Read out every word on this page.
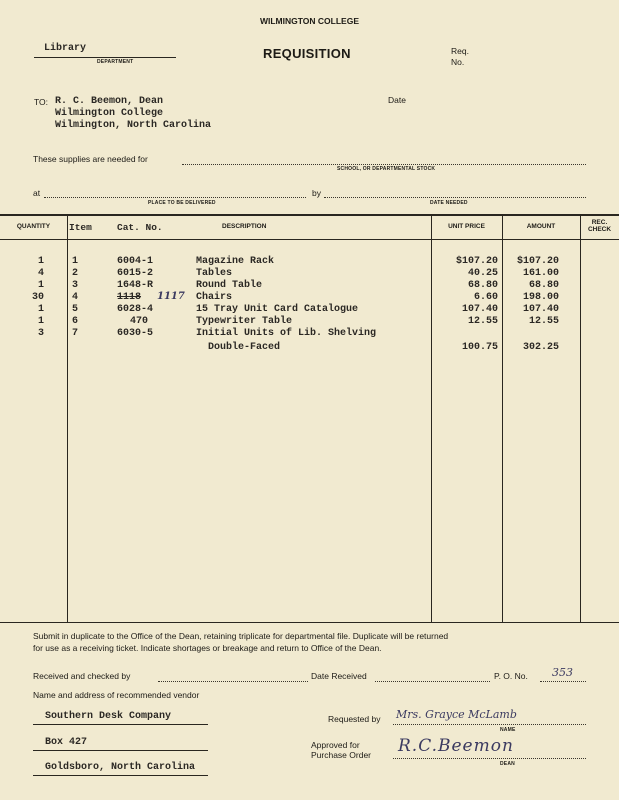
WILMINGTON COLLEGE
Library
DEPARTMENT
REQUISITION	Req.
No.
TO: R. C. Beemon, Dean
Wilmington College
Wilmington, North Carolina
Date
These supplies are needed for
SCHOOL, OR DEPARTMENTAL STOCK
at	by
PLACE TO BE DELIVERED	DATE NEEDED
QUANTITY	Item	Cat. No.	DESCRIPTION	UNIT PRICE	AMOUNT
REC.
CHECK
1	1	6004-1	Magazine Rack	$107.20	$107.20
4	2	6015-2	Tables	40.25	161.00
1	3	1648-R	Round Table	68.80	68.80
30	4	1118 1117 Chairs	6.60	198.00
1	5	6028-4	15 Tray Unit Card Catalogue	107.40	107.40
1	6	470	Typewriter Table	12.55	12.55
3	7	6030-5	Initial Units of Lib. Shelving
Double-Faced	100.75	302.25
Submit in duplicate to the Office of the Dean, retaining triplicate for departmental file. Duplicate will be returned
for use as a receiving ticket. Indicate shortages or breakage and return to Office of the Dean.
Received and checked by	Date Received	P. O. No. 353
Name and address of recommended vendor
Southern Desk Company
Box 427
Goldsboro, North Carolina
Requested by Mrs. Grayce McLamb
NAME
Approved for
Purchase Order R.C.Beemon
DEAN
